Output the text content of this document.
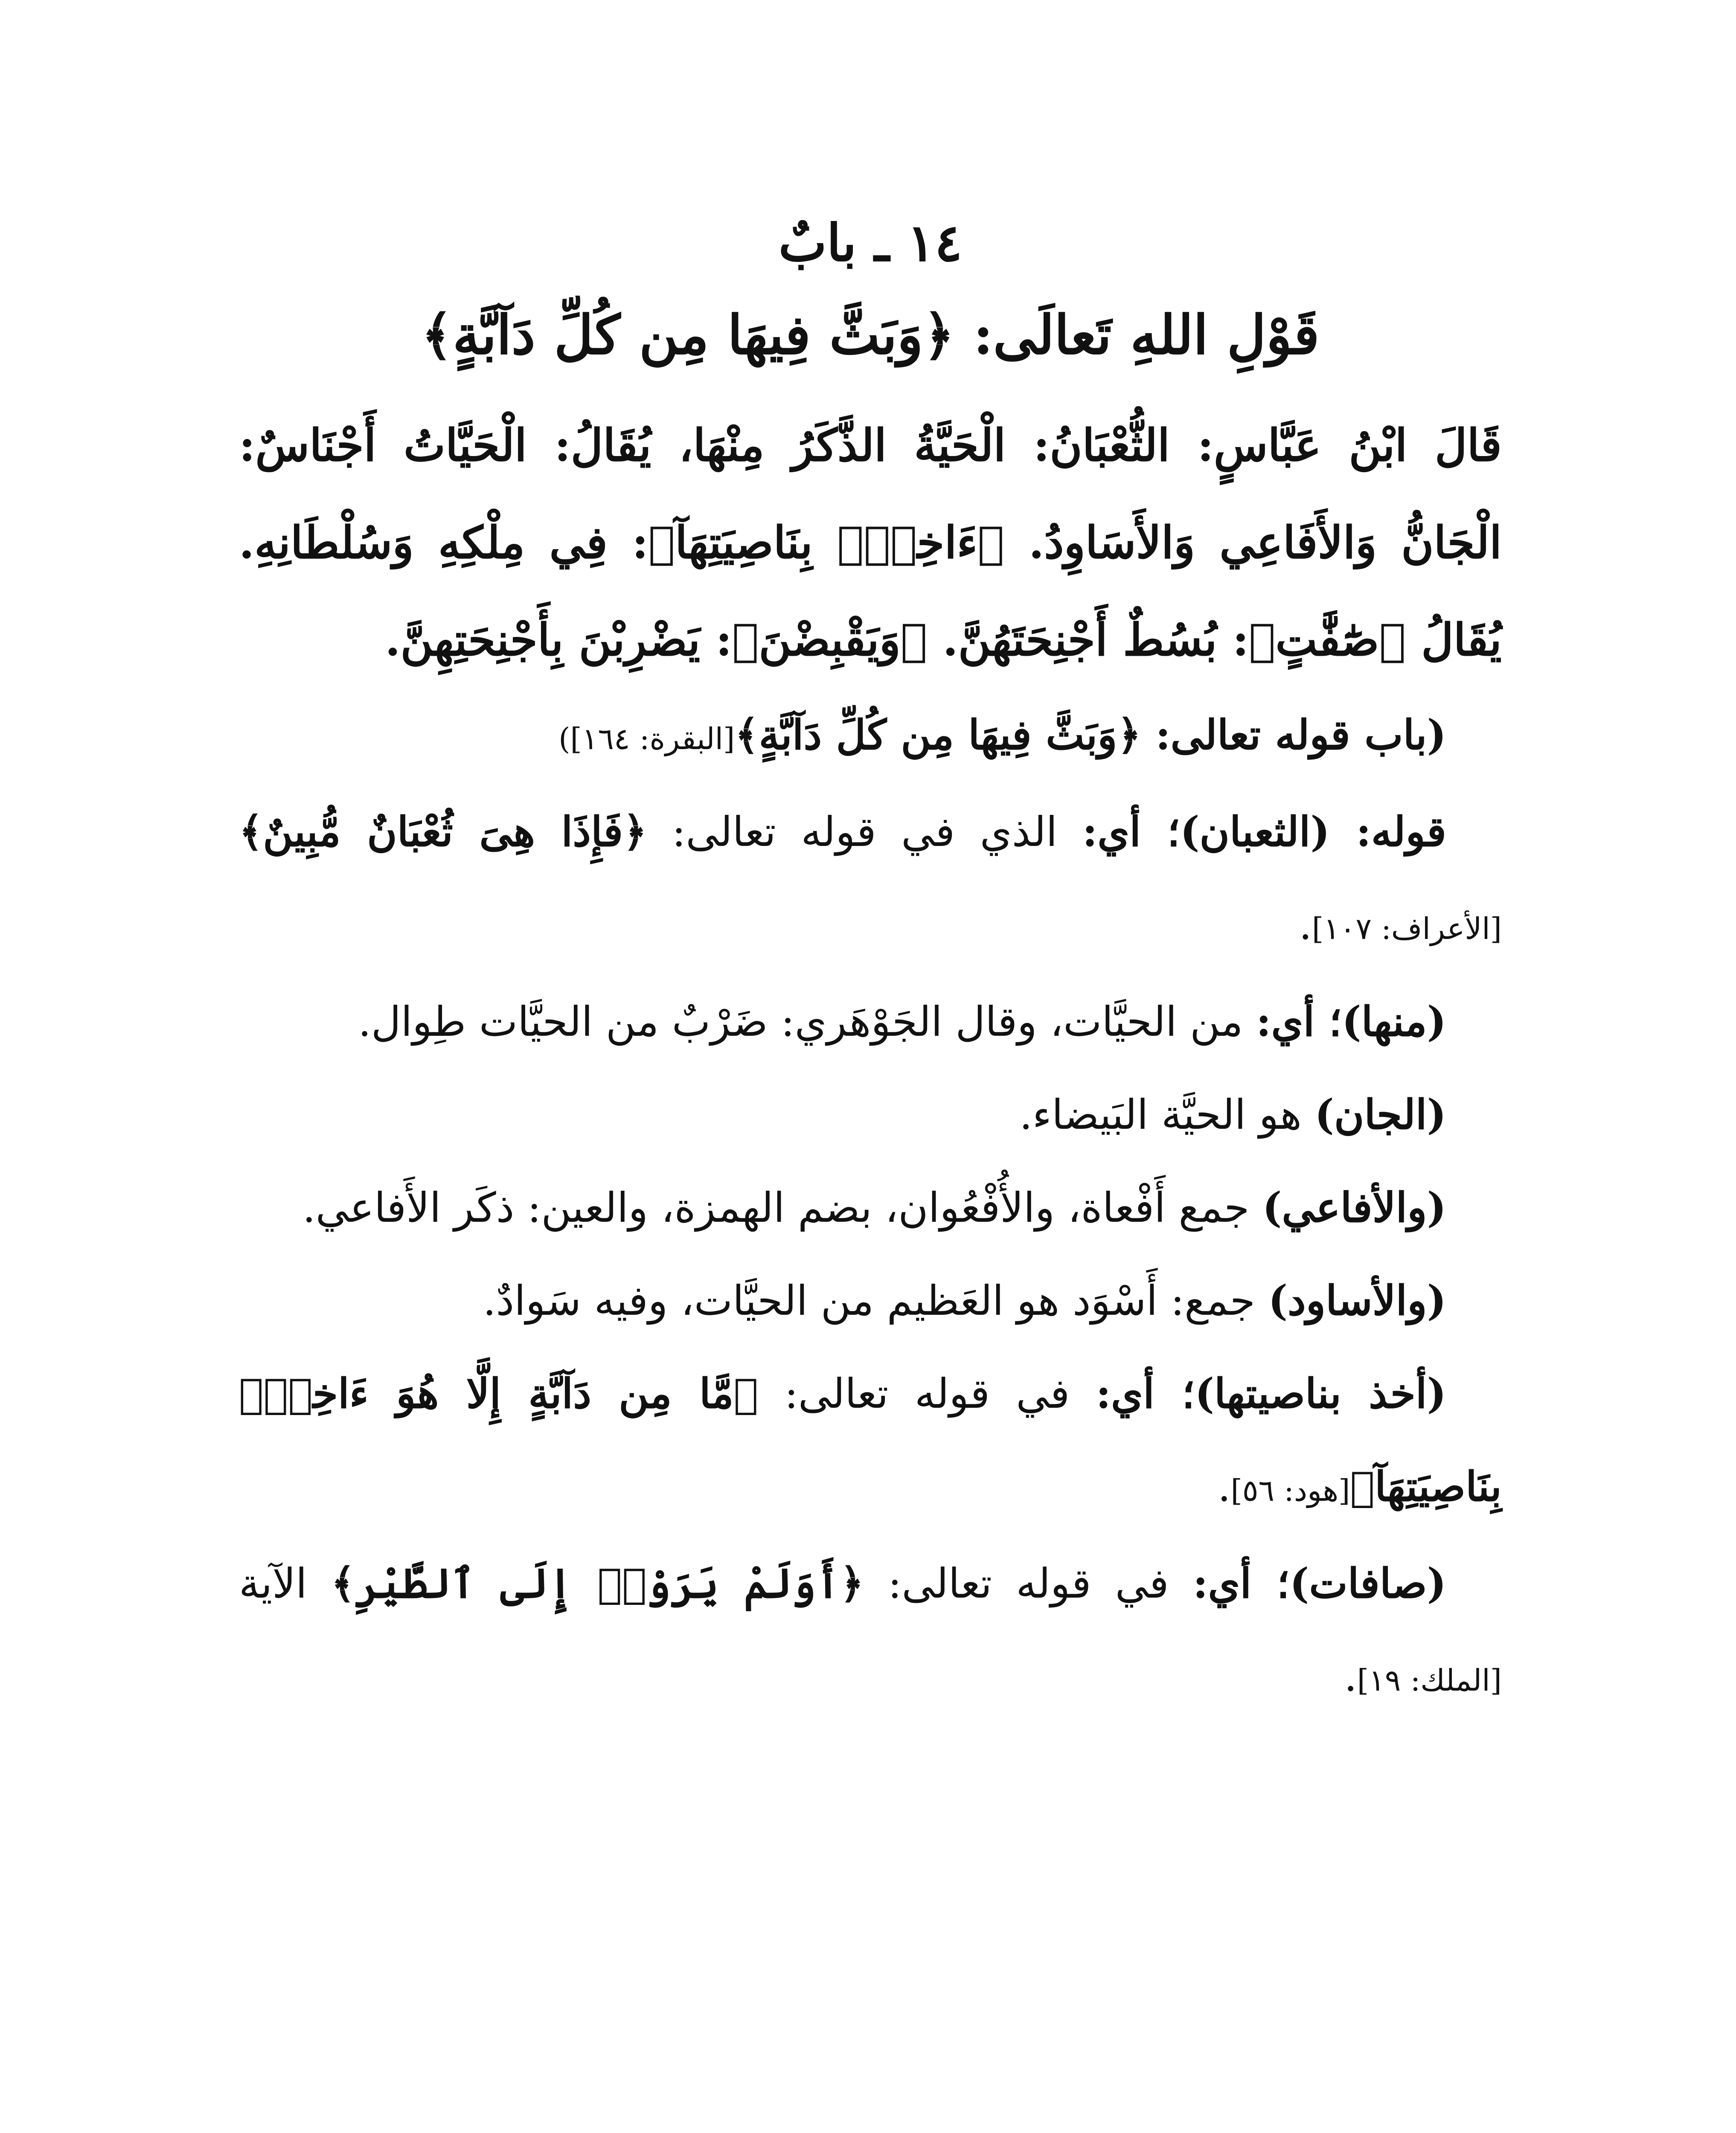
١٤ ـ بابٌ
قَوْلِ اللهِ تَعالَى: ﴿وَبَثَّ فِيهَا مِن كُلِّ دَآبَّةٍ﴾

قَالَ ابْنُ عَبَّاسٍ: الثُّعْبَانُ: الْحَيَّةُ الذَّكَرُ مِنْهَا، يُقَالُ: الْحَيَّاتُ أَجْنَاسٌ: الْجَانُّ وَالأَفَاعِي وَالأَسَاوِدُ. ﴿ءَاخِذٌۢ بِنَاصِيَتِهَآ﴾: فِي مِلْكِهِ وَسُلْطَانِهِ. يُقَالُ ﴿صَٰٓفَّٰتٍ﴾: بُسُطٌ أَجْنِحَتَهُنَّ. ﴿وَيَقْبِضْنَ﴾: يَضْرِبْنَ بِأَجْنِحَتِهِنَّ.

(باب قوله تعالى: ﴿وَبَثَّ فِيهَا مِن كُلِّ دَآبَّةٍ﴾[البقرة: ١٦٤])

قوله: (الثعبان)؛ أي: الذي في قوله تعالى: ﴿فَإِذَا هِىَ ثُعْبَانٌ مُّبِينٌ﴾[الأعراف: ١٠٧].

(منها)؛ أي: من الحيَّات، وقال الجَوْهَري: ضَرْبٌ من الحيَّات طِوال.

(الجان) هو الحيَّة البَيضاء.

(والأفاعي) جمع أَفْعاة، والأُفْعُوان، بضم الهمزة، والعين: ذكَر الأَفاعي.

(والأساود) جمع: أَسْوَد هو العَظيم من الحيَّات، وفيه سَوادٌ.

(أخذ بناصيتها)؛ أي: في قوله تعالى: ﴿مَّا مِن دَآبَّةٍ إِلَّا هُوَ ءَاخِذٌۢ بِنَاصِيَتِهَآ﴾[هود: ٥٦].

(صافات)؛ أي: في قوله تعالى: ﴿أَوَلَمْ يَرَوْا۟ إِلَى ٱلطَّيْرِ﴾ الآية [الملك: ١٩].
